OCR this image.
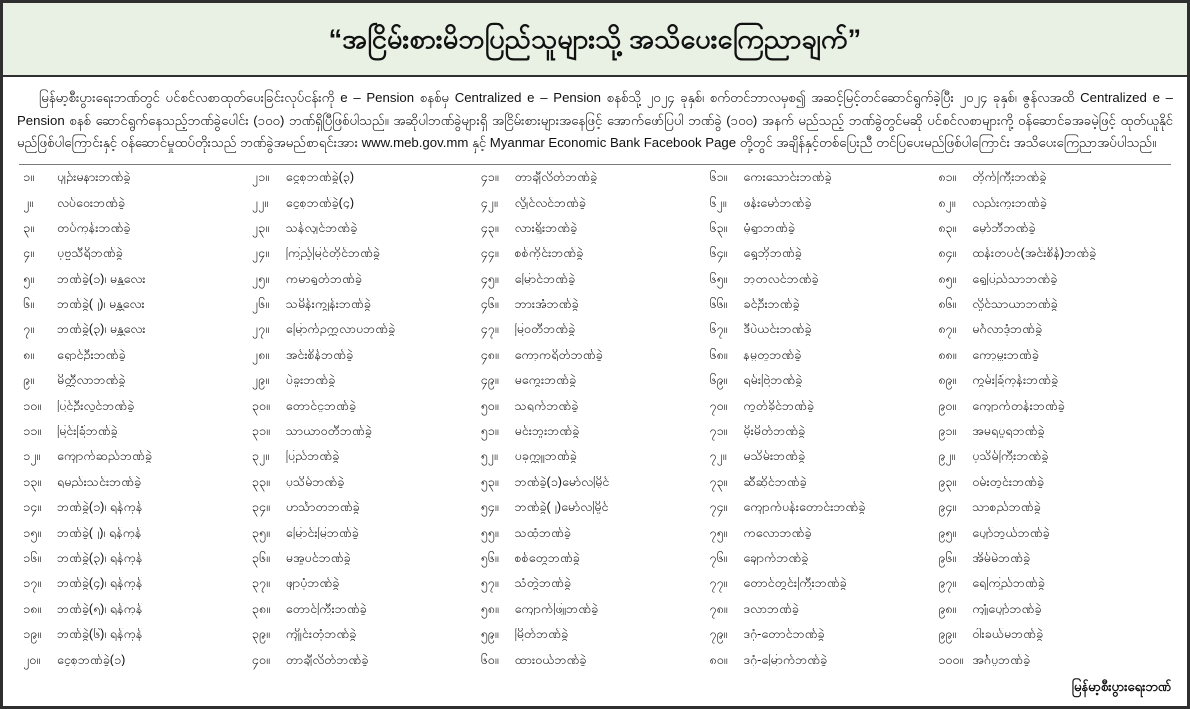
“အငြိမ်းစားမိဘပြည်သူများသို့ အသိပေးကြေညာချက်”
မြန်မာ့စီးပွားရေးဘဏ်တွင် ပင်စင်လစာထုတ်ပေးခြင်းလုပ်ငန်းကို e – Pension စနစ်မှ Centralized e – Pension စနစ်သို့ ၂၀၂၄ ခုနှစ်၊ စက်တင်ဘာလမှစ၍ အဆင့်မြင့်တင်ဆောင်ရွက်ခဲ့ပြီး ၂၀၂၄ ခုနှစ်၊ ဇွန်လအထိ Centralized e – Pension စနစ် ဆောင်ရွက်နေသည့်ဘဏ်ခွဲပေါင်း (၁၀၀) ဘဏ်ရှိပြီဖြစ်ပါသည်။ အဆိုပါဘဏ်ခွဲများရှိ အငြိမ်းစားများအနေဖြင့် အောက်ဖော်ပြပါ ဘဏ်ခွဲ (၁၀၀) အနက် မည်သည့် ဘဏ်ခွဲတွင်မဆို ပင်စင်လစာများကို့ ဝန်ဆောင်ခအခမဲ့ဖြင့် ထုတ်ယူနိုင်မည်ဖြစ်ပါကြောင်းနှင့် ဝန်ဆောင်မှုထပ်တိုးသည် ဘဏ်ခွဲအမည်စာရင်းအား www.meb.gov.mm နှင့် Myanmar Economic Bank Facebook Page တို့တွင် အချိန်နှင့်တစ်ပြေးညီ တင်ပြပေးမည်ဖြစ်ပါကြောင်း အသိပေးကြေညာအပ်ပါသည်။
၁။	ပျဉ်းမနားဘဏ်ခွဲ
၂။	လပ်ဝေးဘဏ်ခွဲ
၃။	တပ်ကုန်းဘဏ်ခွဲ
၄။	ပုဗ္ဗသီရိဘဏ်ခွဲ
၅။	ဘဏ်ခွဲ(၁)၊ မန္တလေး
၆။	ဘဏ်ခွဲ(၂)၊ မန္တလေး
၇။	ဘဏ်ခွဲ(၃)၊ မန္တလေး
၈။	ရှောင်ဦးဘဏ်ခွဲ
၉။	မိတ္ထီလာဘဏ်ခွဲ
၁၀။	ပြင်ဦးလွင်ဘဏ်ခွဲ
၁၁။	မြင်းခြံဘဏ်ခွဲ
၁၂။	ကျောက်ဆည်ဘဏ်ခွဲ
၁၃။	ရမည်းသင်းဘဏ်ခွဲ
၁၄။	ဘဏ်ခွဲ(၁)၊ ရန်ကုန်
၁၅။	ဘဏ်ခွဲ(၂)၊ ရန်ကုန်
၁၆။	ဘဏ်ခွဲ(၃)၊ ရန်ကုန်
၁၇။	ဘဏ်ခွဲ(၄)၊ ရန်ကုန်
၁၈။	ဘဏ်ခွဲ(၅)၊ ရန်ကုန်
၁၉။	ဘဏ်ခွဲ(၆)၊ ရန်ကုန်
၂၀။	ငွေစုဘဏ်ခွဲ(၁)
၂၁။	ငွေစုဘဏ်ခွဲ(၃)
၂၂။	ငွေစုဘဏ်ခွဲ(၄)
၂၃။	သန်လျင်ဘဏ်ခွဲ
၂၄။	ကြည့်မြင်တိုင်ဘဏ်ခွဲ
၂၅။	ကမာရွတ်ဘဏ်ခွဲ
၂၆။	သမိန်းကျွန်းဘဏ်ခွဲ
၂၇။	မြောက်ဥက္ကလာပဘဏ်ခွဲ
၂၈။	အင်းစိန်ဘဏ်ခွဲ
၂၉။	ပဲခူးဘဏ်ခွဲ
၃၀။	တောင်ငူဘဏ်ခွဲ
၃၁။	သာယာဝတီဘဏ်ခွဲ
၃၂။	ပြည်ဘဏ်ခွဲ
၃၃။	ပုသိမ်ဘဏ်ခွဲ
၃၄။	ဟင်္သာတဘဏ်ခွဲ
၃၅။	မြောင်းမြဘဏ်ခွဲ
၃၆။	မအူပင်ဘဏ်ခွဲ
၃၇။	ဖျာပုံဘဏ်ခွဲ
၃၈။	တောင်ကြီးဘဏ်ခွဲ
၃၉။	ကျိုင်းတုံဘဏ်ခွဲ
၄၀။	တာချီလိတ်ဘဏ်ခွဲ
၄၁။	တာချီလိတ်ဘဏ်ခွဲ
၄၂။	လွိုင်လင်ဘဏ်ခွဲ
၄၃။	လားရှိုးဘဏ်ခွဲ
၄၄။	စစ်ကိုင်းဘဏ်ခွဲ
၄၅။	မြောင်ဘဏ်ခွဲ
၄၆။	ဘားအံဘဏ်ခွဲ
၄၇။	မြဝတီဘဏ်ခွဲ
၄၈။	ကော့ကရိတ်ဘဏ်ခွဲ
၄၉။	မကွေးဘဏ်ခွဲ
၅၀။	သရက်ဘဏ်ခွဲ
၅၁။	မင်းဘူးဘဏ်ခွဲ
၅၂။	ပခုက္ကူဘဏ်ခွဲ
၅၃။	ဘဏ်ခွဲ(၁)မော်လမြိုင်
၅၄။	ဘဏ်ခွဲ(၂)မော်လမြိုင်
၅၅။	သထုံဘဏ်ခွဲ
၅၆။	စစ်တွေဘဏ်ခွဲ
၅၇။	သံတွဲဘဏ်ခွဲ
၅၈။	ကျောက်ဖြူဘဏ်ခွဲ
၅၉။	မြိတ်ဘဏ်ခွဲ
၆၀။	ထားဝယ်ဘဏ်ခွဲ
၆၁။	ကေးသောင်းဘဏ်ခွဲ
၆၂။	ဖန်းမော်ဘဏ်ခွဲ
၆၃။	မုံရွာဘဏ်ခွဲ
၆၄။	ရွှေဘိုဘဏ်ခွဲ
၆၅။	ဘုတလင်ဘဏ်ခွဲ
၆၆။	ခင်ဦးဘဏ်ခွဲ
၆၇။	ဒီပဲယင်းဘဏ်ခွဲ
၆၈။	နမ္မတူဘဏ်ခွဲ
၆၉။	ရမ်းဗြဲဘဏ်ခွဲ
၇၀။	ကွတ်ခိုင်ဘဏ်ခွဲ
၇၁။	မိုးမိတ်ဘဏ်ခွဲ
၇၂။	မသိမ်းဘဏ်ခွဲ
၇၃။	ဆီဆိုင်ဘဏ်ခွဲ
၇၄။	ကျောက်ပန်းတောင်းဘဏ်ခွဲ
၇၅။	ကလောဘဏ်ခွဲ
၇၆။	ချောက်ဘဏ်ခွဲ
၇၇။	တောင်တွင်းကြီးဘဏ်ခွဲ
၇၈။	ဒလာဘဏ်ခွဲ
၇၉။	ဒဂုံ-တောင်ဘဏ်ခွဲ
၈၀။	ဒဂုံ-မြောက်ဘဏ်ခွဲ
၈၁။	တိုက်ကြီးဘဏ်ခွဲ
၈၂။	လည်းကူးဘဏ်ခွဲ
၈၃။	မှော်ဘီဘဏ်ခွဲ
၈၄။	ထန်းတပင်(အင်းစိန်)ဘဏ်ခွဲ
၈၅။	ရွှေပြည်သာဘဏ်ခွဲ
၈၆။	လှိုင်သာယာဘဏ်ခွဲ
၈၇။	မင်္ဂလာဒုံဘဏ်ခွဲ
၈၈။	ကော့မှူးဘဏ်ခွဲ
၈၉။	ကွမ်းခြံကုန်းဘဏ်ခွဲ
၉၀။	ကျောက်တန်းဘဏ်ခွဲ
၉၁။	အမရပူရဘဏ်ခွဲ
၉၂။	ပုသိမ်ကြီးဘဏ်ခွဲ
၉၃။	ဝမ်းတွင်းဘဏ်ခွဲ
၉၄။	သာစည်ဘဏ်ခွဲ
၉၅။	ပျော်ဘွယ်ဘဏ်ခွဲ
၉၆။	အိမ်မဲဘဏ်ခွဲ
၉၇။	ရေကြည်ဘဏ်ခွဲ
၉၈။	ကျုံပျော်ဘဏ်ခွဲ
၉၉။	ဝါးခယ်မဘဏ်ခွဲ
၁၀၀။ အင်္ဂပူဘဏ်ခွဲ
မြန်မာ့စီးပွားရေးဘဏ်
